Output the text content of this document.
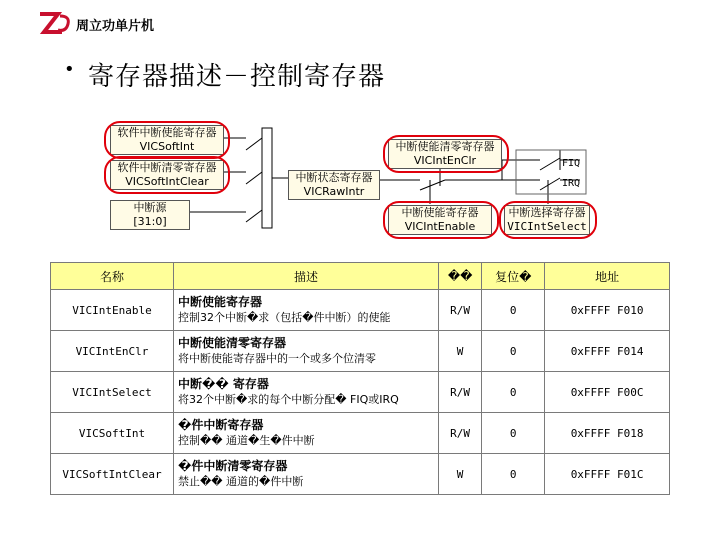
周立功单片机
• 寄存器描述－控制寄存器
软件中断使能寄存器
VICSoftInt
软件中断清零寄存器
VICSoftIntClear
中断源
[31:0]
中断状态寄存器
VICRawIntr
中断使能清零寄存器
VICIntEnClr
中断使能寄存器
VICIntEnable
中断选择寄存器
VICIntSelect
FIQ
IRQ
名称	描述	��	复位�	地址
VICIntEnable	中断使能寄存器
控制32个中断�求（包括�件中断）的使能	R/W	0	0xFFFF F010
VICIntEnClr	中断使能清零寄存器
将中断使能寄存器中的一个或多个位清零	W	0	0xFFFF F014
VICIntSelect	中断�� 寄存器
将32个中断�求的每个中断分配� FIQ或IRQ	R/W	0	0xFFFF F00C
VICSoftInt	�件中断寄存器
控制�� 通道�生�件中断	R/W	0	0xFFFF F018
VICSoftIntClear	�件中断清零寄存器
禁止�� 通道的�件中断	W	0	0xFFFF F01C
